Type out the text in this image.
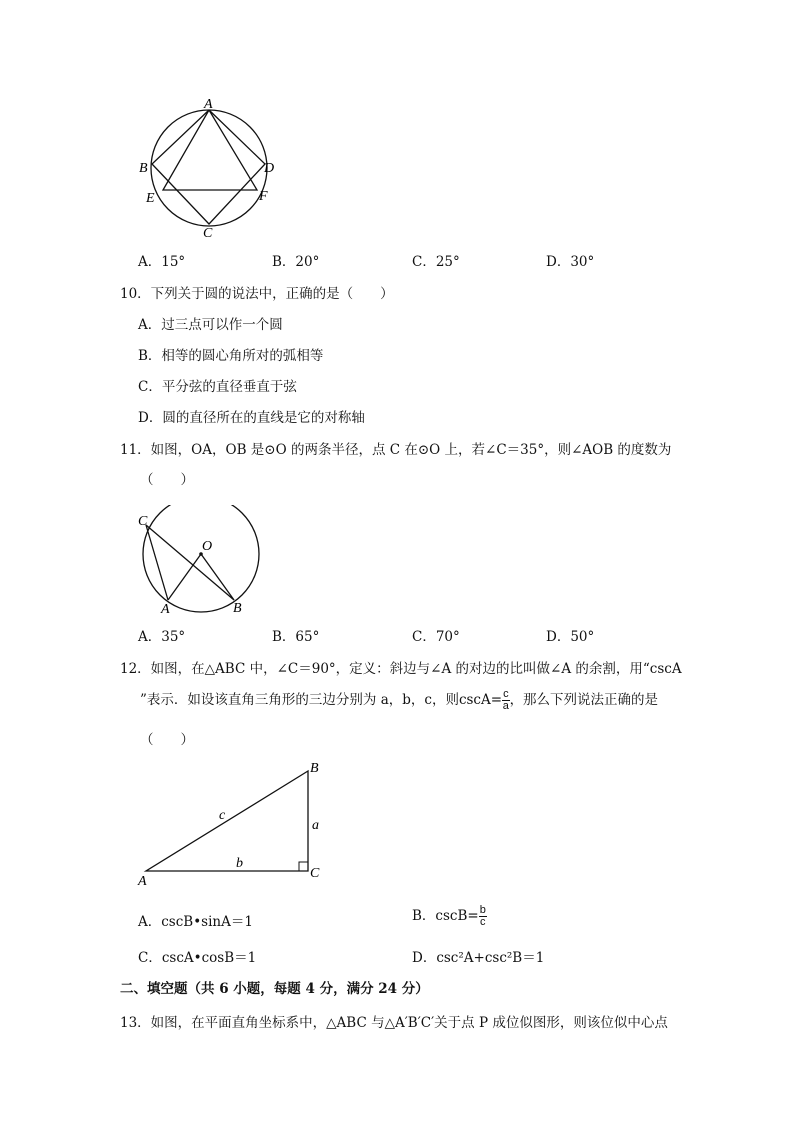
A
B	D
E	F
C
A．15°	B．20°	C．25°	D．30°
10．下列关于圆的说法中，正确的是（　　）
A．过三点可以作一个圆
B．相等的圆心角所对的弧相等
C．平分弦的直径垂直于弦
D．圆的直径所在的直线是它的对称轴
11．如图，OA，OB 是⊙O 的两条半径，点 C 在⊙O 上，若∠C＝35°，则∠AOB 的度数为
（　　）
C
O
A	B
A．35°	B．65°	C．70°	D．50°
12．如图，在△ABC 中，∠C＝90°，定义：斜边与∠A 的对边的比叫做∠A 的余割，用“cscA
”表示．如设该直角三角形的三边分别为 a，b，c，则$\csc A= \frac{c}{a}$ ，那么下列说法正确的是
（　　）
A
B
C
a
b
c
A．cscB•sinA＝1	B．$\csc B= \frac{b}{c}$
C．cscA•cosB＝1	D．csc²A+csc²B＝1
二、填空题（共 6 小题，每题 4 分，满分 24 分）
13．如图，在平面直角坐标系中，△ABC 与△A′B′C′关于点 P 成位似图形，则该位似中心点
